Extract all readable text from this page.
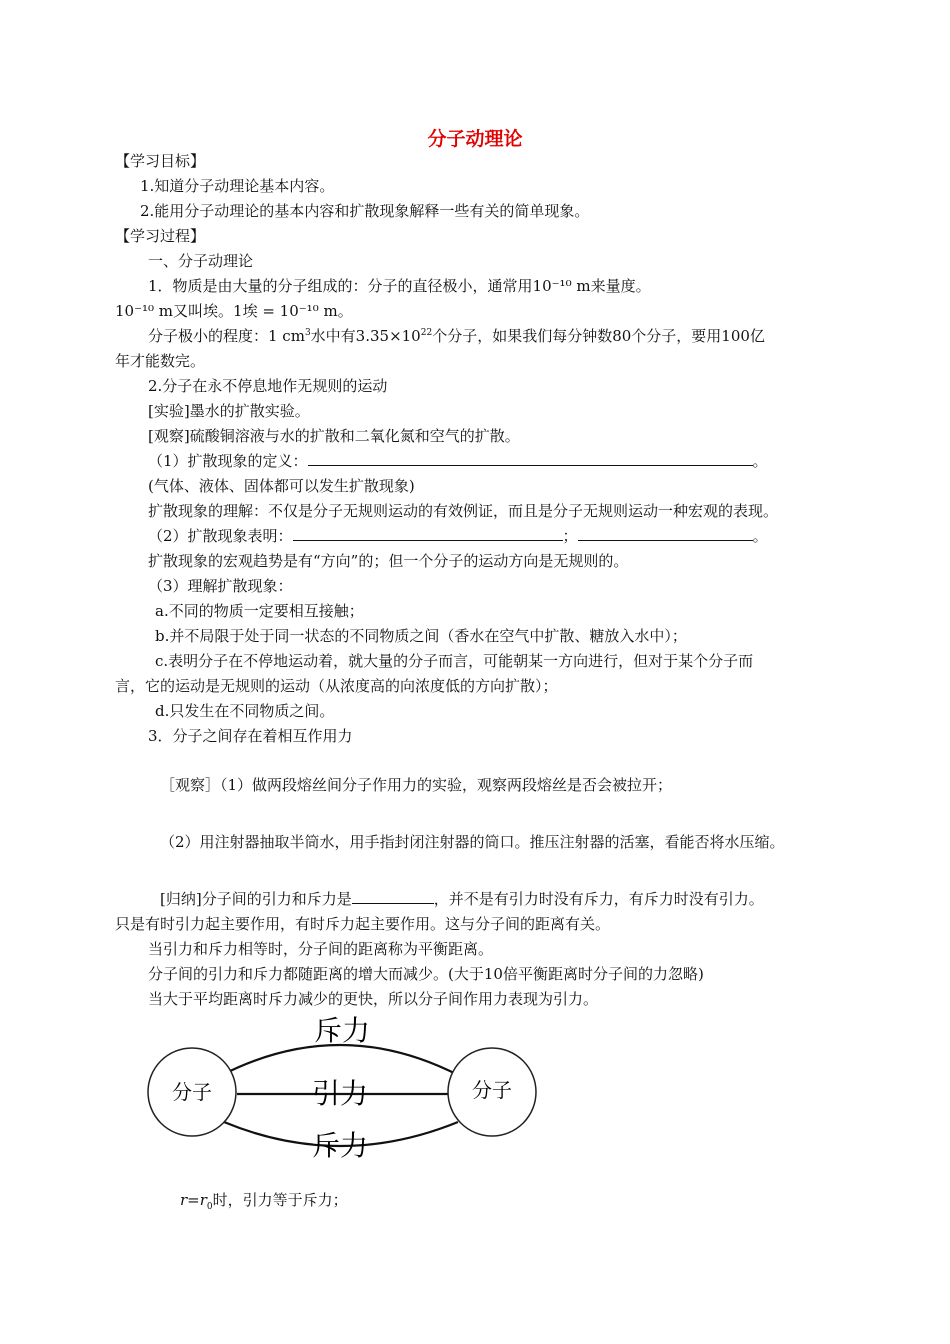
分子动理论
【学习目标】
1.知道分子动理论基本内容。
2.能用分子动理论的基本内容和扩散现象解释一些有关的简单现象。
【学习过程】
一、分子动理论
1．物质是由大量的分子组成的：分子的直径极小，通常用10⁻¹⁰ m来量度。
10⁻¹⁰ m又叫埃。1埃 = 10⁻¹⁰ m。
分子极小的程度：1 $cm^3$水中有$3.35\times 10^{22}$个分子，如果我们每分钟数80个分子，要用100亿
年才能数完。
2.分子在永不停息地作无规则的运动
[实验]墨水的扩散实验。
[观察]硫酸铜溶液与水的扩散和二氧化氮和空气的扩散。
（1）扩散现象的定义：	。
(气体、液体、固体都可以发生扩散现象)
扩散现象的理解：不仅是分子无规则运动的有效例证，而且是分子无规则运动一种宏观的表现。
（2）扩散现象表明：	；	。
扩散现象的宏观趋势是有“方向”的；但一个分子的运动方向是无规则的。
（3）理解扩散现象：
a.不同的物质一定要相互接触；
b.并不局限于处于同一状态的不同物质之间（香水在空气中扩散、糖放入水中）；
c.表明分子在不停地运动着，就大量的分子而言，可能朝某一方向进行，但对于某个分子而
言，它的运动是无规则的运动（从浓度高的向浓度低的方向扩散）；
d.只发生在不同物质之间。
3．分子之间存在着相互作用力
［观察］（1）做两段熔丝间分子作用力的实验，观察两段熔丝是否会被拉开；
（2）用注射器抽取半筒水，用手指封闭注射器的筒口。推压注射器的活塞，看能否将水压缩。
[归纳]分子间的引力和斥力是	，并不是有引力时没有斥力，有斥力时没有引力。
只是有时引力起主要作用，有时斥力起主要作用。这与分子间的距离有关。
当引力和斥力相等时，分子间的距离称为平衡距离。
分子间的引力和斥力都随距离的增大而减少。(大于10倍平衡距离时分子间的力忽略)
当大于平均距离时斥力减少的更快，所以分子间作用力表现为引力。
分子	分子
斥力
引力
斥力
$r=r_0$时，引力等于斥力；
